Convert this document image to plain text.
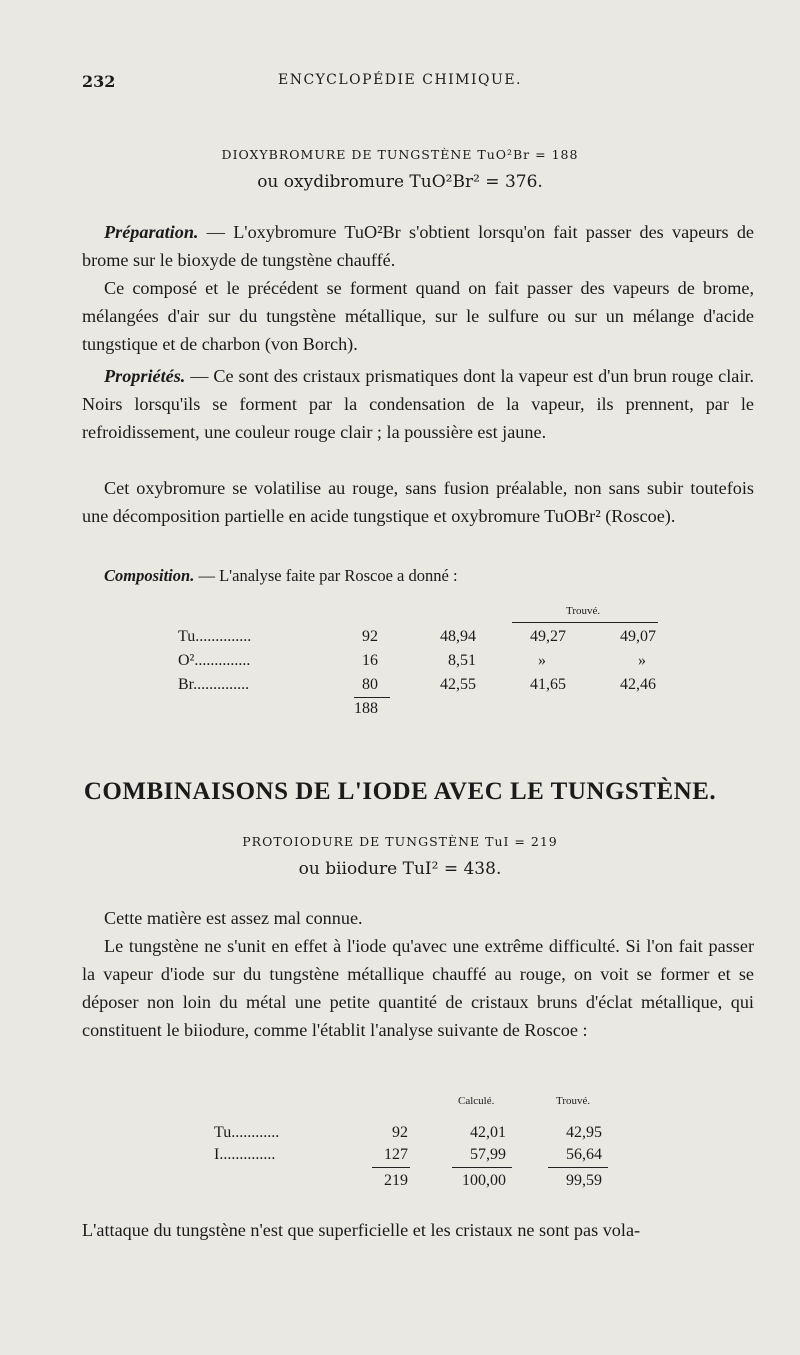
232	ENCYCLOPÉDIE CHIMIQUE.
DIOXYBROMURE DE TUNGSTÈNE TuO²Br = 188
ou oxydibromure TuO²Br² = 376.

Préparation. — L'oxybromure TuO²Br s'obtient lorsqu'on fait passer des vapeurs de brome sur le bioxyde de tungstène chauffé.

Ce composé et le précédent se forment quand on fait passer des vapeurs de brome, mélangées d'air sur du tungstène métallique, sur le sulfure ou sur un mélange d'acide tungstique et de charbon (von Borch).

Propriétés. — Ce sont des cristaux prismatiques dont la vapeur est d'un brun rouge clair. Noirs lorsqu'ils se forment par la condensation de la vapeur, ils prennent, par le refroidissement, une couleur rouge clair ; la poussière est jaune.

Cet oxybromure se volatilise au rouge, sans fusion préalable, non sans subir toutefois une décomposition partielle en acide tungstique et oxybromure TuOBr² (Roscoe).

Composition. — L'analyse faite par Roscoe a donné :

Trouvé.
Tu..............	92	48,94	49,27	49,07
O²..............	16	8,51	»	»
Br..............	80	42,55	41,65	42,46
188
COMBINAISONS DE L'IODE AVEC LE TUNGSTÈNE.
PROTOIODURE DE TUNGSTÈNE TuI = 219
ou biiodure TuI² = 438.

Cette matière est assez mal connue.

Le tungstène ne s'unit en effet à l'iode qu'avec une extrême difficulté. Si l'on fait passer la vapeur d'iode sur du tungstène métallique chauffé au rouge, on voit se former et se déposer non loin du métal une petite quantité de cristaux bruns d'éclat métallique, qui constituent le biiodure, comme l'établit l'analyse suivante de Roscoe :

Calculé.	Trouvé.
Tu............	92	42,01	42,95
I..............	127	57,99	56,64
219	100,00	99,59

L'attaque du tungstène n'est que superficielle et les cristaux ne sont pas vola-
